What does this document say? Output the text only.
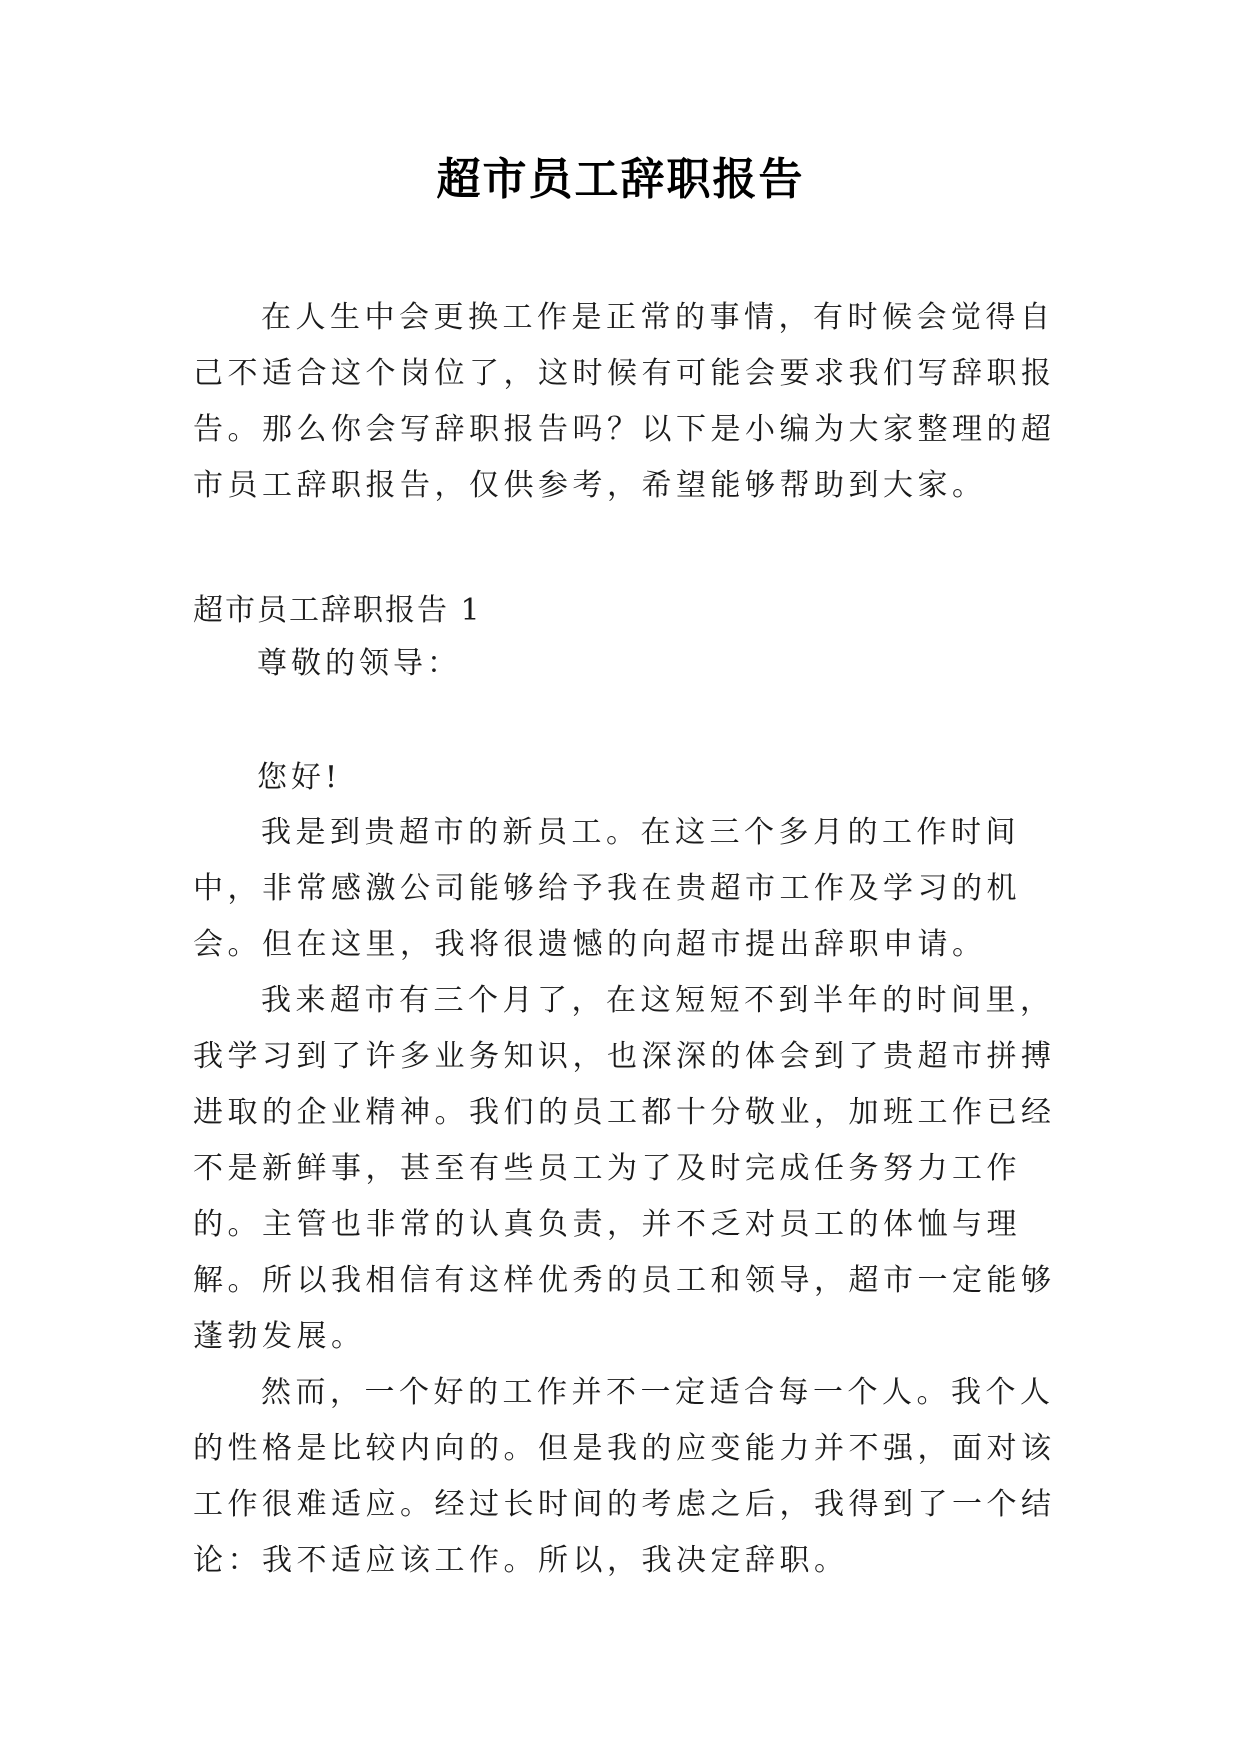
超市员工辞职报告

在人生中会更换工作是正常的事情，有时候会觉得自己不适合这个岗位了，这时候有可能会要求我们写辞职报告。那么你会写辞职报告吗？以下是小编为大家整理的超市员工辞职报告，仅供参考，希望能够帮助到大家。

超市员工辞职报告 1
尊敬的领导：
您好!

我是到贵超市的新员工。在这三个多月的工作时间中，非常感激公司能够给予我在贵超市工作及学习的机会。但在这里，我将很遗憾的向超市提出辞职申请。

我来超市有三个月了，在这短短不到半年的时间里，我学习到了许多业务知识，也深深的体会到了贵超市拼搏进取的企业精神。我们的员工都十分敬业，加班工作已经不是新鲜事，甚至有些员工为了及时完成任务努力工作的。主管也非常的认真负责，并不乏对员工的体恤与理解。所以我相信有这样优秀的员工和领导，超市一定能够蓬勃发展。

然而，一个好的工作并不一定适合每一个人。我个人的性格是比较内向的。但是我的应变能力并不强，面对该工作很难适应。经过长时间的考虑之后，我得到了一个结论：我不适应该工作。所以，我决定辞职。
